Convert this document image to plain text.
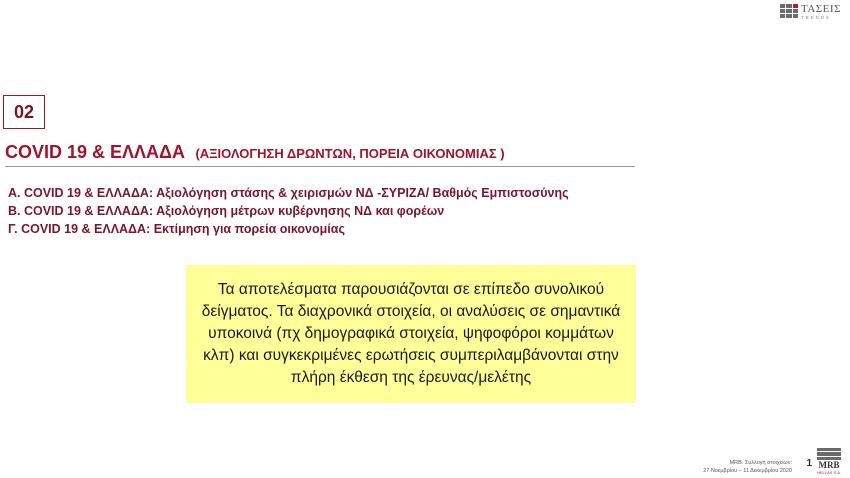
ΤΑΣΕΙΣ
TRENDS
02
COVID 19 & ΕΛΛΑΔΑ (ΑΞΙΟΛΟΓΗΣΗ ΔΡΩΝΤΩΝ, ΠΟΡΕΙΑ ΟΙΚΟΝΟΜΙΑΣ )
Α. COVID 19 & ΕΛΛΑΔΑ: Αξιολόγηση στάσης & χειρισμών ΝΔ -ΣΥΡΙΖΑ/ Βαθμός Εμπιστοσύνης
Β. COVID 19 & ΕΛΛΑΔΑ: Αξιολόγηση μέτρων κυβέρνησης ΝΔ και φορέων
Γ. COVID 19 & ΕΛΛΑΔΑ: Εκτίμηση για πορεία οικονομίας

Τα αποτελέσματα παρουσιάζονται σε επίπεδο συνολικού δείγματος. Τα διαχρονικά στοιχεία, οι αναλύσεις σε σημαντικά υποκοινά (πχ δημογραφικά στοιχεία, ψηφοφόροι κομμάτων κλπ) και συγκεκριμένες ερωτήσεις συμπεριλαμβάνονται στην πλήρη έκθεση της έρευνας/μελέτης

MRB. Συλλογή στοιχείων:
27 Νοεμβρίου – 11 Δεκεμβρίου 2020
1 MRB
HELLAS S.A.
